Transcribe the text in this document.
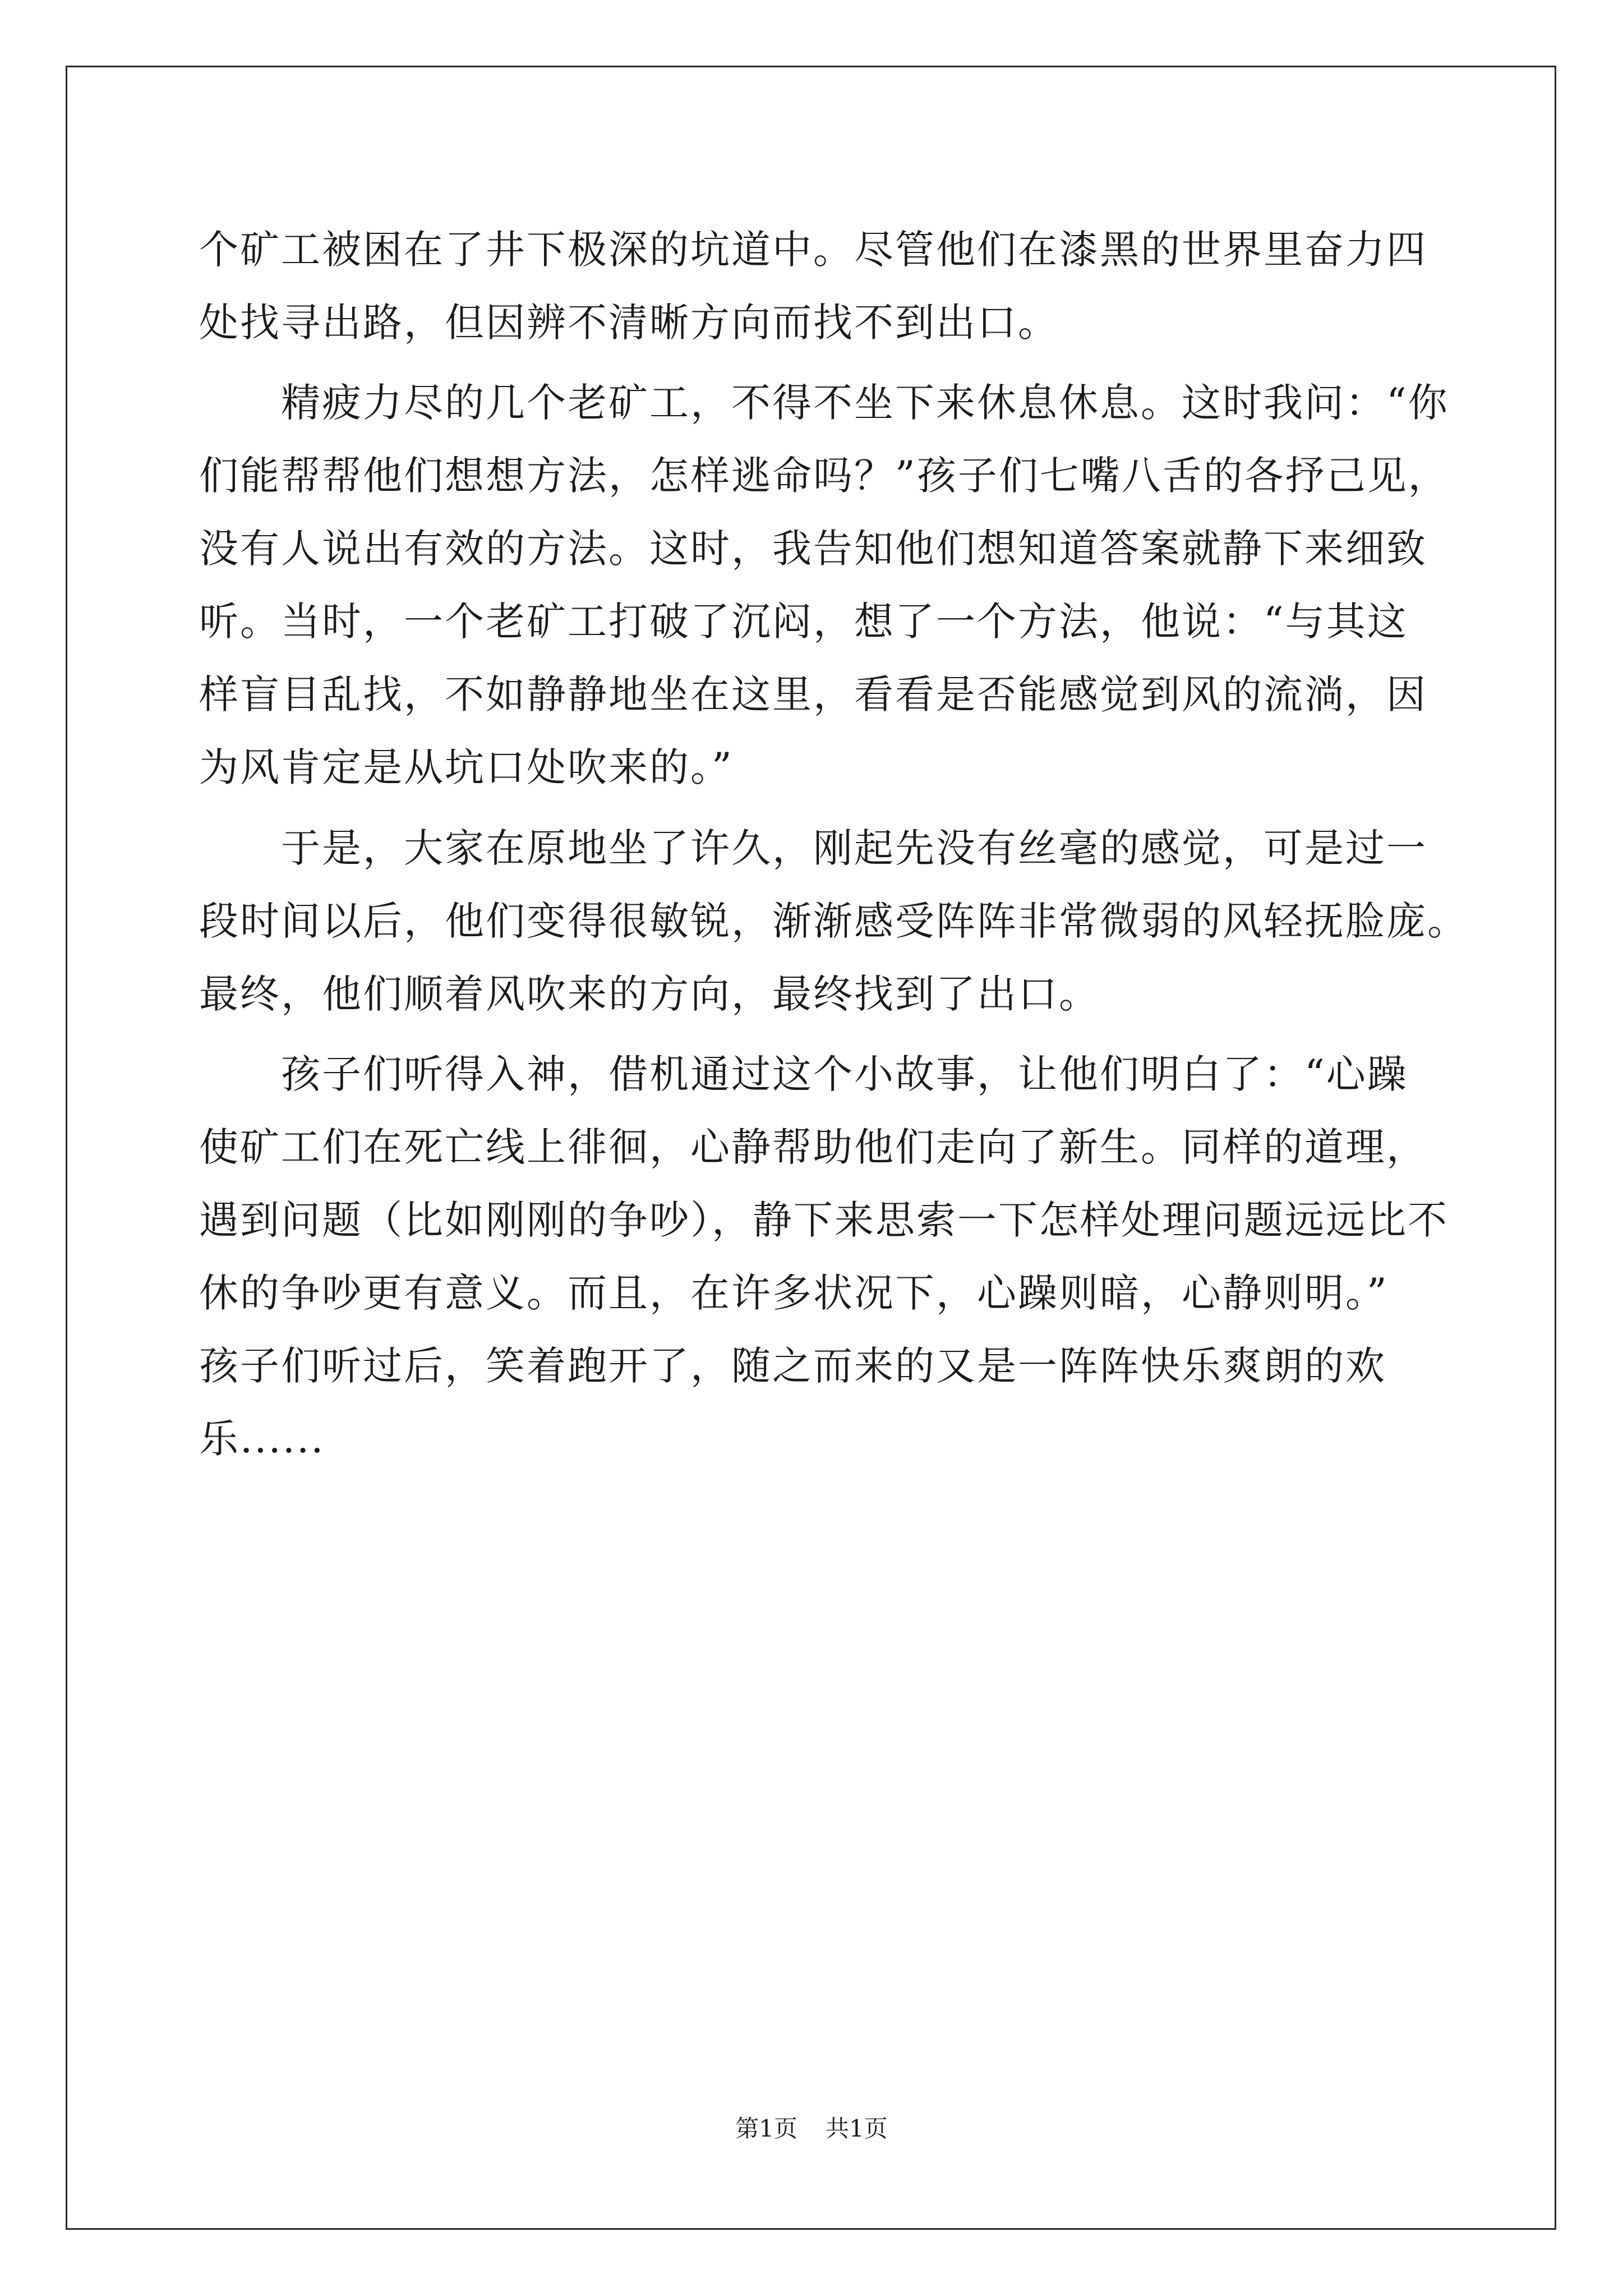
个矿工被困在了井下极深的坑道中。尽管他们在漆黑的世界里奋力四
处找寻出路，但因辨不清晰方向而找不到出口。
　　精疲力尽的几个老矿工，不得不坐下来休息休息。这时我问：“你
们能帮帮他们想想方法，怎样逃命吗？”孩子们七嘴八舌的各抒己见，
没有人说出有效的方法。这时，我告知他们想知道答案就静下来细致
听。当时，一个老矿工打破了沉闷，想了一个方法，他说：“与其这
样盲目乱找，不如静静地坐在这里，看看是否能感觉到风的流淌，因
为风肯定是从坑口处吹来的。”
　　于是，大家在原地坐了许久，刚起先没有丝毫的感觉，可是过一
段时间以后，他们变得很敏锐，渐渐感受阵阵非常微弱的风轻抚脸庞。
最终，他们顺着风吹来的方向，最终找到了出口。
　　孩子们听得入神，借机通过这个小故事，让他们明白了：“心躁
使矿工们在死亡线上徘徊，心静帮助他们走向了新生。同样的道理，
遇到问题（比如刚刚的争吵），静下来思索一下怎样处理问题远远比不
休的争吵更有意义。而且，在许多状况下，心躁则暗，心静则明。”
孩子们听过后，笑着跑开了，随之而来的又是一阵阵快乐爽朗的欢
乐......
第1页 共1页
